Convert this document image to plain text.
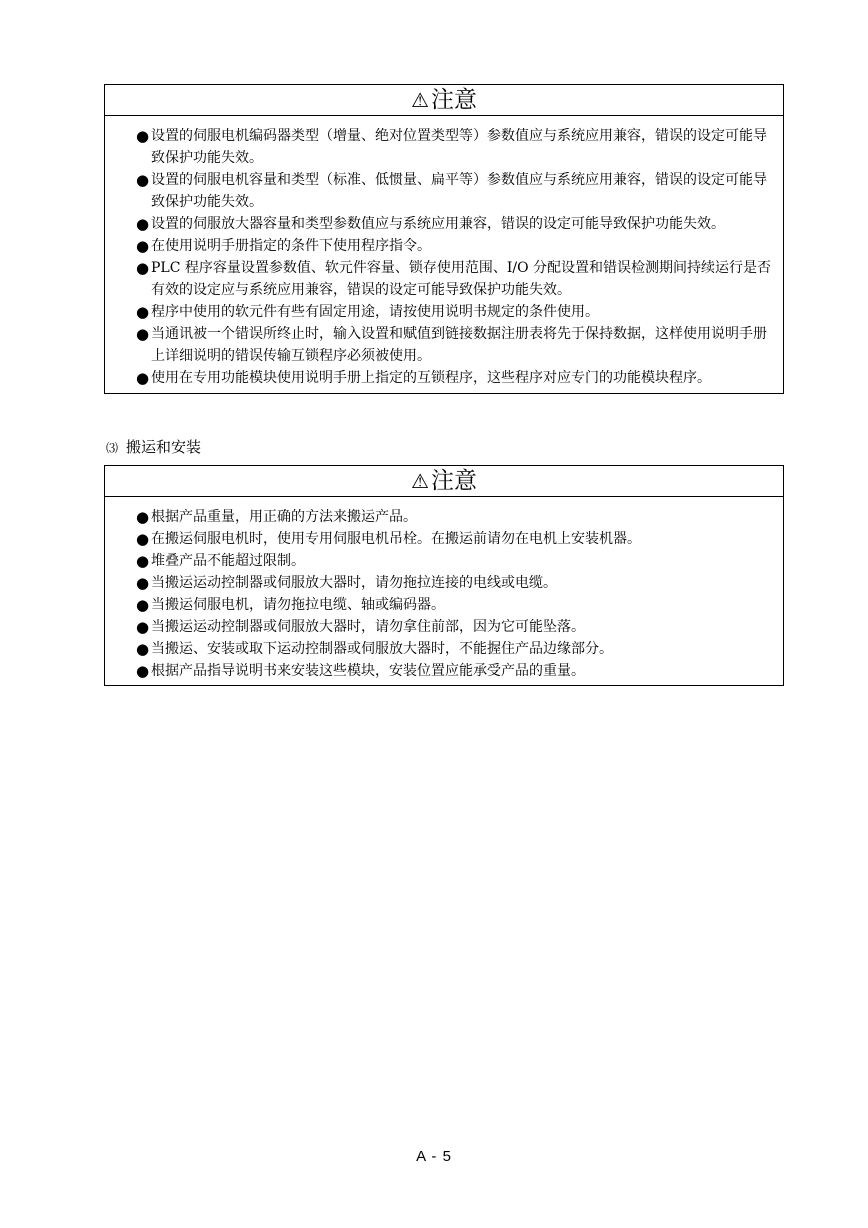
⚠ 注意
● 设置的伺服电机编码器类型（增量、绝对位置类型等）参数值应与系统应用兼容，错误的设定可能导致保护功能失效。
● 设置的伺服电机容量和类型（标准、低惯量、扁平等）参数值应与系统应用兼容，错误的设定可能导致保护功能失效。
● 设置的伺服放大器容量和类型参数值应与系统应用兼容，错误的设定可能导致保护功能失效。
● 在使用说明手册指定的条件下使用程序指令。
● PLC 程序容量设置参数值、软元件容量、锁存使用范围、I/O 分配设置和错误检测期间持续运行是否有效的设定应与系统应用兼容，错误的设定可能导致保护功能失效。
● 程序中使用的软元件有些有固定用途，请按使用说明书规定的条件使用。
● 当通讯被一个错误所终止时，输入设置和赋值到链接数据注册表将先于保持数据，这样使用说明手册上详细说明的错误传输互锁程序必须被使用。
● 使用在专用功能模块使用说明手册上指定的互锁程序，这些程序对应专门的功能模块程序。
⑶ 搬运和安装
⚠ 注意
● 根据产品重量，用正确的方法来搬运产品。
● 在搬运伺服电机时，使用专用伺服电机吊栓。在搬运前请勿在电机上安装机器。
● 堆叠产品不能超过限制。
● 当搬运运动控制器或伺服放大器时，请勿拖拉连接的电线或电缆。
● 当搬运伺服电机，请勿拖拉电缆、轴或编码器。
● 当搬运运动控制器或伺服放大器时，请勿拿住前部，因为它可能坠落。
● 当搬运、安装或取下运动控制器或伺服放大器时，不能握住产品边缘部分。
● 根据产品指导说明书来安装这些模块，安装位置应能承受产品的重量。
A - 5
